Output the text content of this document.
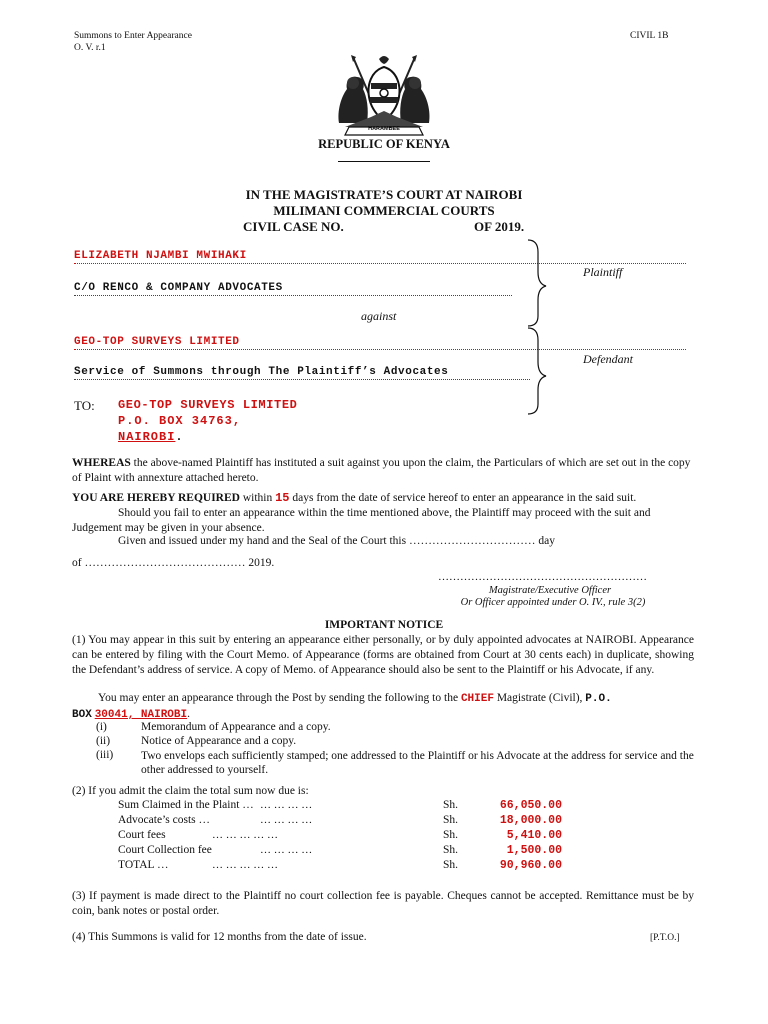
Summons to Enter Appearance
O. V. r.1
CIVIL 1B
HARAMBEE
REPUBLIC OF KENYA
IN THE MAGISTRATE’S COURT AT NAIROBI
MILIMANI COMMERCIAL COURTS
CIVIL CASE NO.	OF 2019.
ELIZABETH NJAMBI MWIHAKI
Plaintiff
C/O RENCO & COMPANY ADVOCATES
against
GEO-TOP SURVEYS LIMITED
Defendant
Service of Summons through The Plaintiff’s Advocates
TO: GEO-TOP SURVEYS LIMITED
P.O. BOX 34763,
NAIROBI.
WHEREAS the above-named Plaintiff has instituted a suit against you upon the claim, the Particulars of which are set out in the copy of Plaint with annexture attached hereto.
YOU ARE HEREBY REQUIRED within 15 days from the date of service hereof to enter an appearance in the said suit.
Should you fail to enter an appearance within the time mentioned above, the Plaintiff may proceed with the suit and Judgement may be given in your absence.
Given and issued under my hand and the Seal of the Court this …………………………… day
of …………………………………… 2019.
…………………………………………………
Magistrate/Executive Officer
Or Officer appointed under O. IV., rule 3(2)
IMPORTANT NOTICE
(1) You may appear in this suit by entering an appearance either personally, or by duly appointed advocates at NAIROBI. Appearance can be entered by filing with the Court Memo. of Appearance (forms are obtained from Court at 30 cents each) in duplicate, showing the Defendant’s address of service. A copy of Memo. of Appearance should also be sent to the Plaintiff or his Advocate, if any.
You may enter an appearance through the Post by sending the following to the CHIEF Magistrate (Civil), P.O.
BOX 30041, NAIROBI.
(i)	Memorandum of Appearance and a copy.
(ii)	Notice of Appearance and a copy.
(iii) Two envelops each sufficiently stamped; one addressed to the Plaintiff or his Advocate at the address for service and the other addressed to yourself.
(2) If you admit the claim the total sum now due is:
Sum Claimed in the Plaint … … … … …	Sh.	66,050.00
Advocate’s costs …	… … … …	Sh.	18,000.00
Court fees	… … … … …	Sh.	5,410.00
Court Collection fee	… … … …	Sh.	1,500.00
TOTAL …	… … … … …	Sh.	90,960.00
(3) If payment is made direct to the Plaintiff no court collection fee is payable. Cheques cannot be accepted. Remittance must be by coin, bank notes or postal order.
(4) This Summons is valid for 12 months from the date of issue.	[P.T.O.]
